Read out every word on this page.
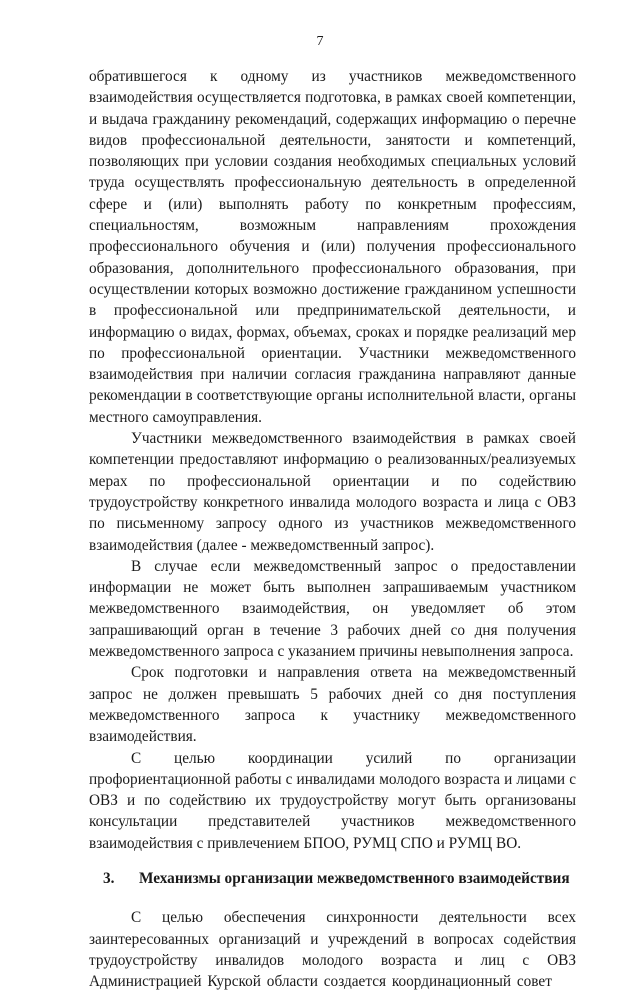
7

обратившегося к одному из участников межведомственного взаимодействия осуществляется подготовка, в рамках своей компетенции, и выдача гражданину рекомендаций, содержащих информацию о перечне видов профессиональной деятельности, занятости и компетенций, позволяющих при условии создания необходимых специальных условий труда осуществлять профессиональную деятельность в определенной сфере и (или) выполнять работу по конкретным профессиям, специальностям, возможным направлениям прохождения профессионального обучения и (или) получения профессионального образования, дополнительного профессионального образования, при осуществлении которых возможно достижение гражданином успешности в профессиональной или предпринимательской деятельности, и информацию о видах, формах, объемах, сроках и порядке реализаций мер по профессиональной ориентации. Участники межведомственного взаимодействия при наличии согласия гражданина направляют данные рекомендации в соответствующие органы исполнительной власти, органы местного самоуправления.

Участники межведомственного взаимодействия в рамках своей компетенции предоставляют информацию о реализованных/реализуемых мерах по профессиональной ориентации и по содействию трудоустройству конкретного инвалида молодого возраста и лица с ОВЗ по письменному запросу одного из участников межведомственного взаимодействия (далее - межведомственный запрос).

В случае если межведомственный запрос о предоставлении информации не может быть выполнен запрашиваемым участником межведомственного взаимодействия, он уведомляет об этом запрашивающий орган в течение 3 рабочих дней со дня получения межведомственного запроса с указанием причины невыполнения запроса.

Срок подготовки и направления ответа на межведомственный запрос не должен превышать 5 рабочих дней со дня поступления межведомственного запроса к участнику межведомственного взаимодействия.

С целью координации усилий по организации профориентационной работы с инвалидами молодого возраста и лицами с ОВЗ и по содействию их трудоустройству могут быть организованы консультации представителей участников межведомственного взаимодействия с привлечением БПОО, РУМЦ СПО и РУМЦ ВО.

3.	Механизмы организации межведомственного взаимодействия

С целью обеспечения синхронности деятельности всех заинтересованных организаций и учреждений в вопросах содействия трудоустройству инвалидов молодого возраста и лиц с ОВЗ Администрацией Курской области создается координационный совет
